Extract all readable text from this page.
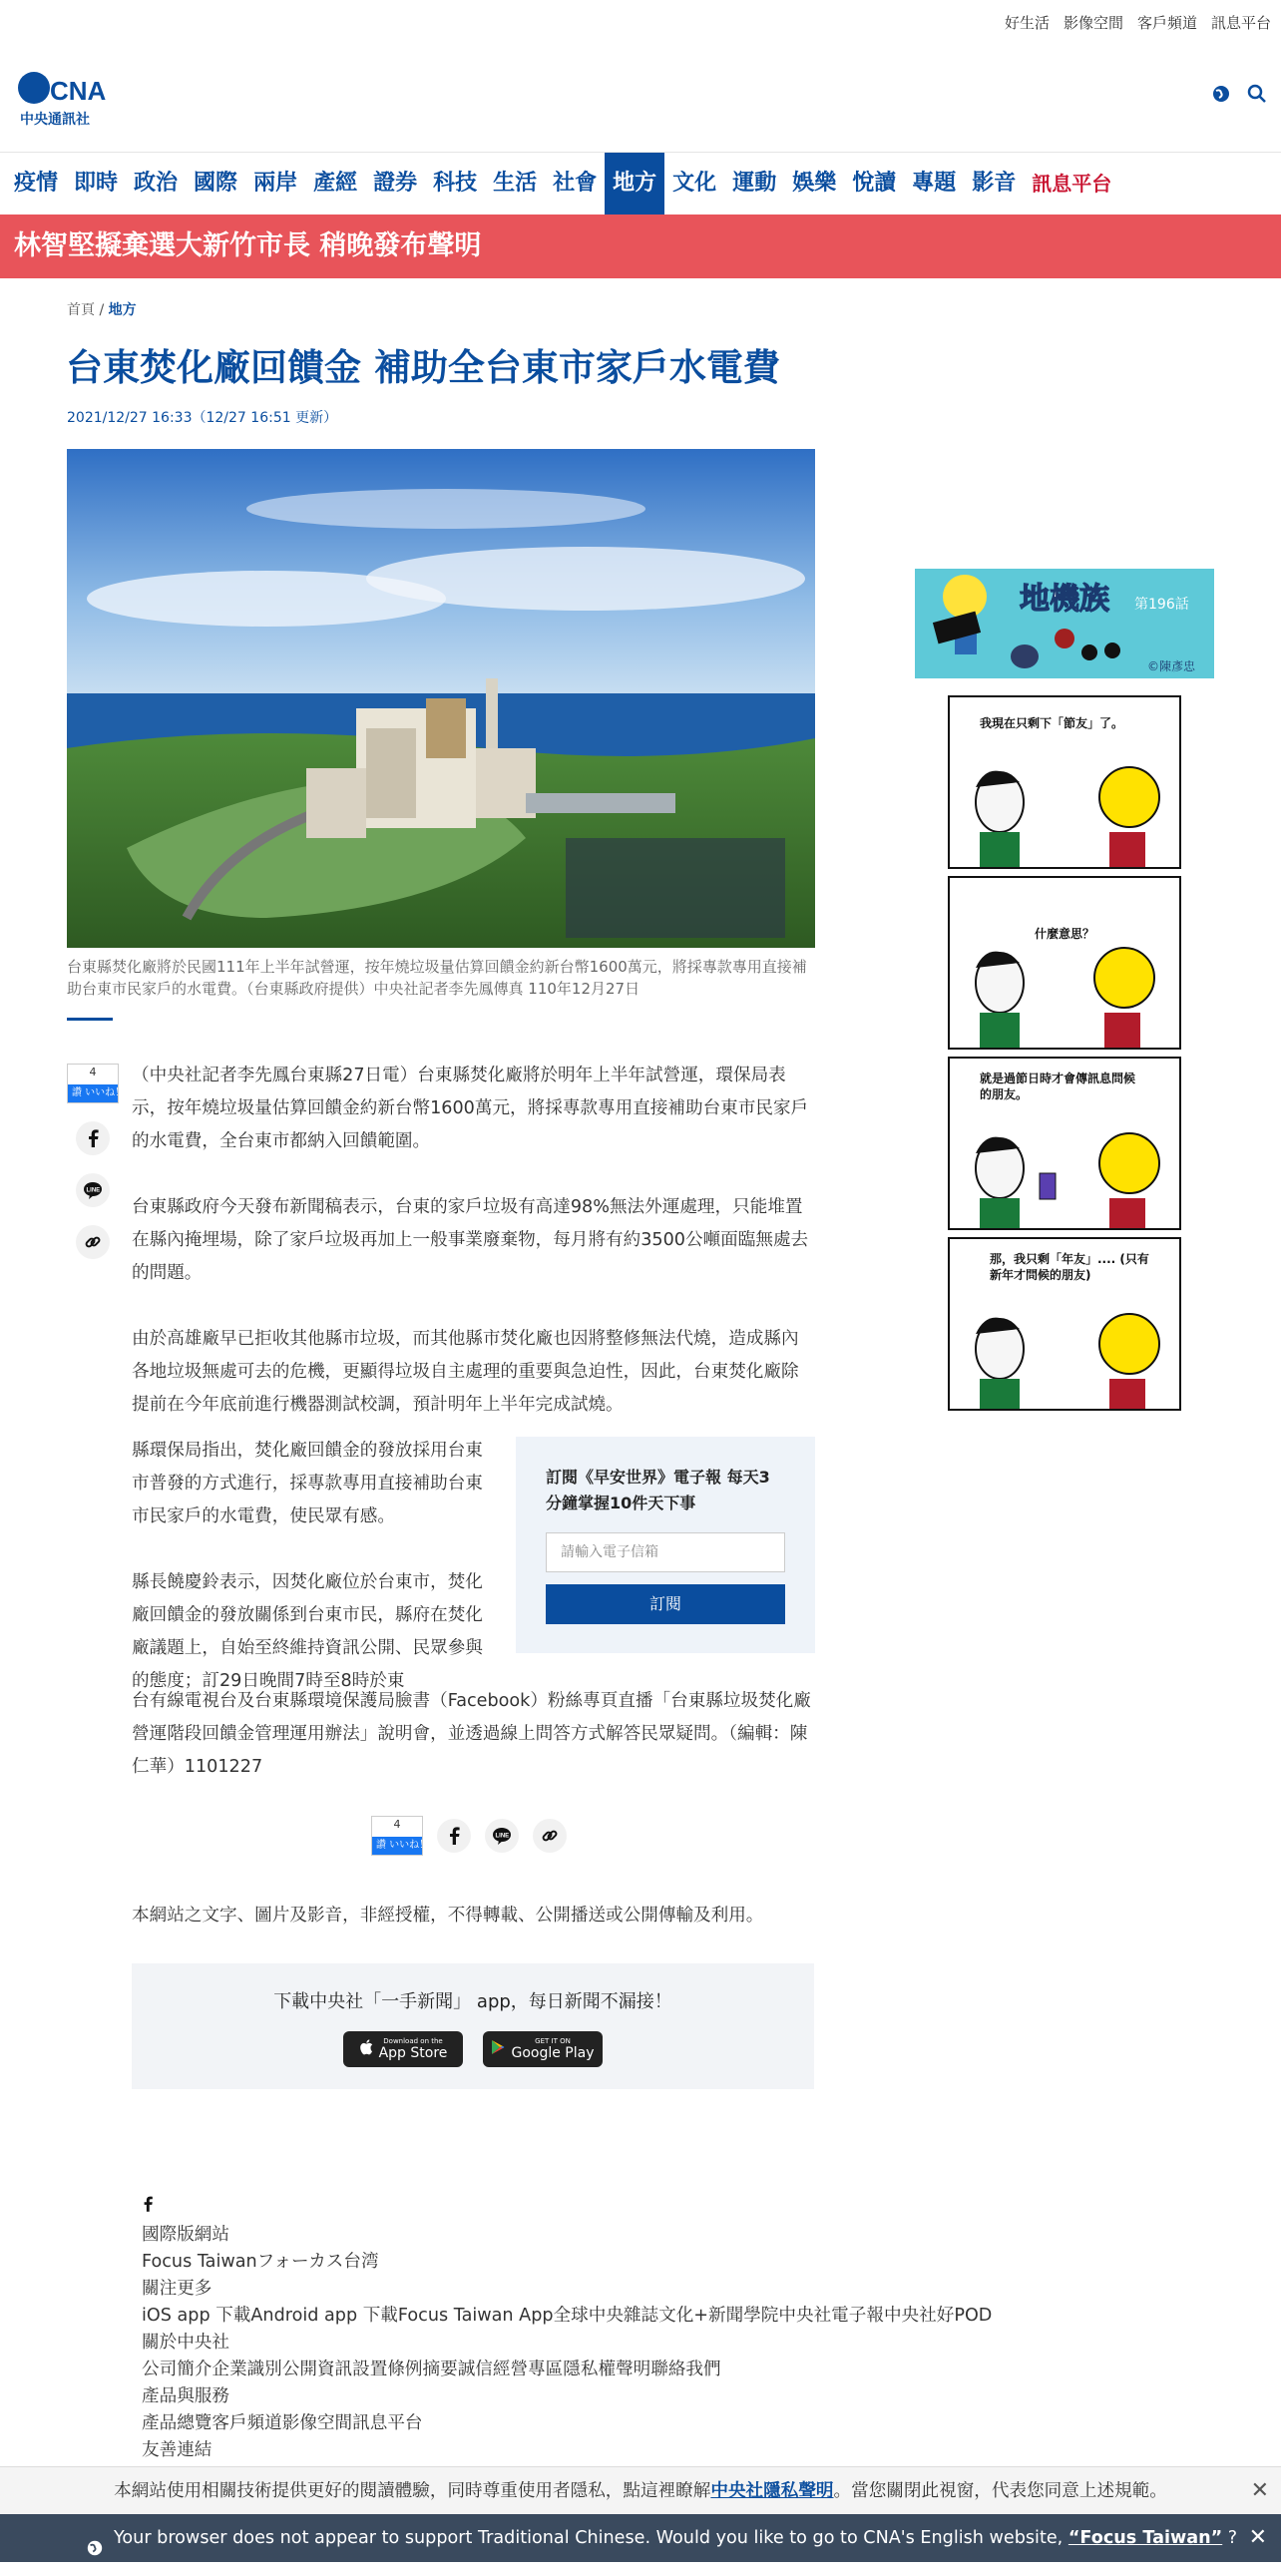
好生活 影像空間 客戶頻道 訊息平台
CNA
中央通訊社
疫情 即時 政治 國際 兩岸 產經 證券 科技 生活 社會 地方 文化 運動 娛樂 悅讀 專題 影音 訊息平台
林智堅擬棄選大新竹市長 稍晚發布聲明
首頁 / 地方
台東焚化廠回饋金 補助全台東市家戶水電費
2021/12/27 16:33（12/27 16:51 更新）
台東縣焚化廠將於民國111年上半年試營運，按年燒垃圾量估算回饋金約新台幣1600萬元，將採專款專用直接補助台東市民家戶的水電費。（台東縣政府提供）中央社記者李先鳳傳真 110年12月27日
4
讚 いいね！
LINE

（中央社記者李先鳳台東縣27日電）台東縣焚化廠將於明年上半年試營運，環保局表示，按年燒垃圾量估算回饋金約新台幣1600萬元，將採專款專用直接補助台東市民家戶的水電費，全台東市都納入回饋範圍。

台東縣政府今天發布新聞稿表示，台東的家戶垃圾有高達98%無法外運處理，只能堆置在縣內掩埋場，除了家戶垃圾再加上一般事業廢棄物，每月將有約3500公噸面臨無處去的問題。

由於高雄廠早已拒收其他縣市垃圾，而其他縣市焚化廠也因將整修無法代燒，造成縣內各地垃圾無處可去的危機，更顯得垃圾自主處理的重要與急迫性，因此，台東焚化廠除提前在今年底前進行機器測試校調，預計明年上半年完成試燒。

縣環保局指出，焚化廠回饋金的發放採用台東市普發的方式進行，採專款專用直接補助台東市民家戶的水電費，使民眾有感。

縣長饒慶鈴表示，因焚化廠位於台東市，焚化廠回饋金的發放關係到台東市民，縣府在焚化廠議題上，自始至終維持資訊公開、民眾參與的態度；訂29日晚間7時至8時於東

台有線電視台及台東縣環境保護局臉書（Facebook）粉絲專頁直播「台東縣垃圾焚化廠營運階段回饋金管理運用辦法」說明會，並透過線上問答方式解答民眾疑問。（編輯：陳仁華）1101227
訂閱《早安世界》電子報 每天3分鐘掌握10件天下事
請輸入電子信箱
訂閱
4
讚 いいね！
LINE
本網站之文字、圖片及影音，非經授權，不得轉載、公開播送或公開傳輸及利用。
下載中央社「一手新聞」 app，每日新聞不漏接！
Download on the
App Store
GET IT ON
Google Play
地機族 第196話
©陳彥忠
我現在只剩下「節友」了。
什麼意思？
就是過節日時才會傳訊息問候的朋友。
那，我只剩「年友」.... (只有新年才問候的朋友)
國際版網站
Focus Taiwanフォーカス台湾
關注更多
iOS app 下載Android app 下載Focus Taiwan App全球中央雜誌文化+新聞學院中央社電子報中央社好POD
關於中央社
公司簡介企業識別公開資訊設置條例摘要誠信經營專區隱私權聲明聯絡我們
產品與服務
產品總覽客戶頻道影像空間訊息平台
友善連結
本網站使用相關技術提供更好的閱讀體驗，同時尊重使用者隱私，點這裡瞭解中央社隱私聲明。當您關閉此視窗，代表您同意上述規範。	✕
Your browser does not appear to support Traditional Chinese. Would you like to go to CNA's English website, “Focus Taiwan” ? ✕
